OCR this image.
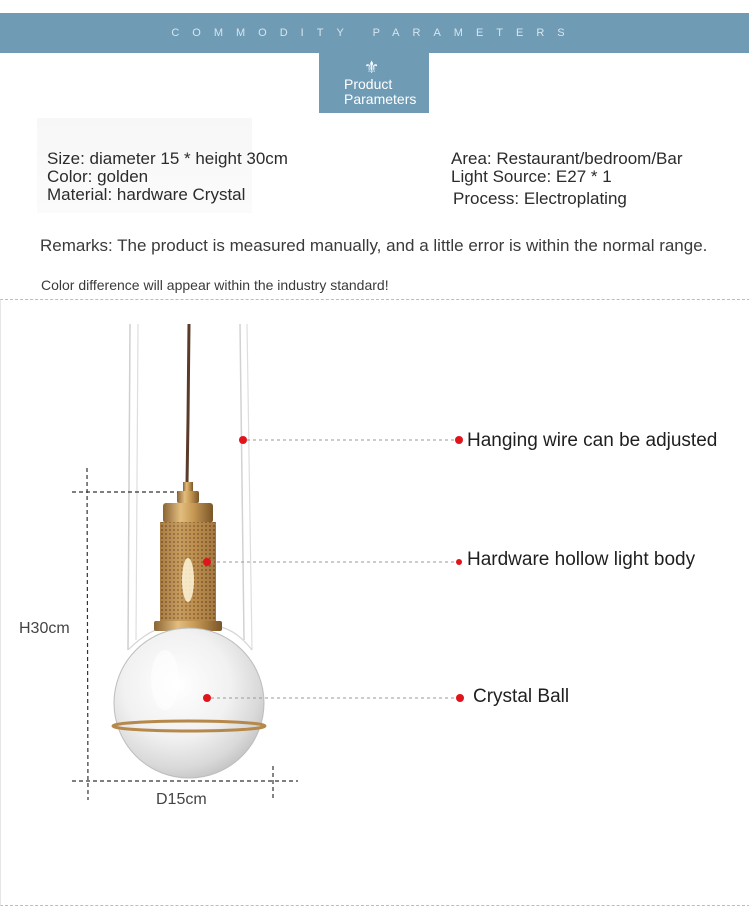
COMMODITY PARAMETERS
⚜
Product
Parameters
Size: diameter 15 * height 30cm
Color: golden
Material: hardware Crystal
Area: Restaurant/bedroom/Bar
Light Source: E27 * 1
Process: Electroplating
Remarks: The product is measured manually, and a little error is within the normal range.
Color difference will appear within the industry standard!
Hanging wire can be adjusted
Hardware hollow light body
Crystal Ball
H30cm
D15cm
